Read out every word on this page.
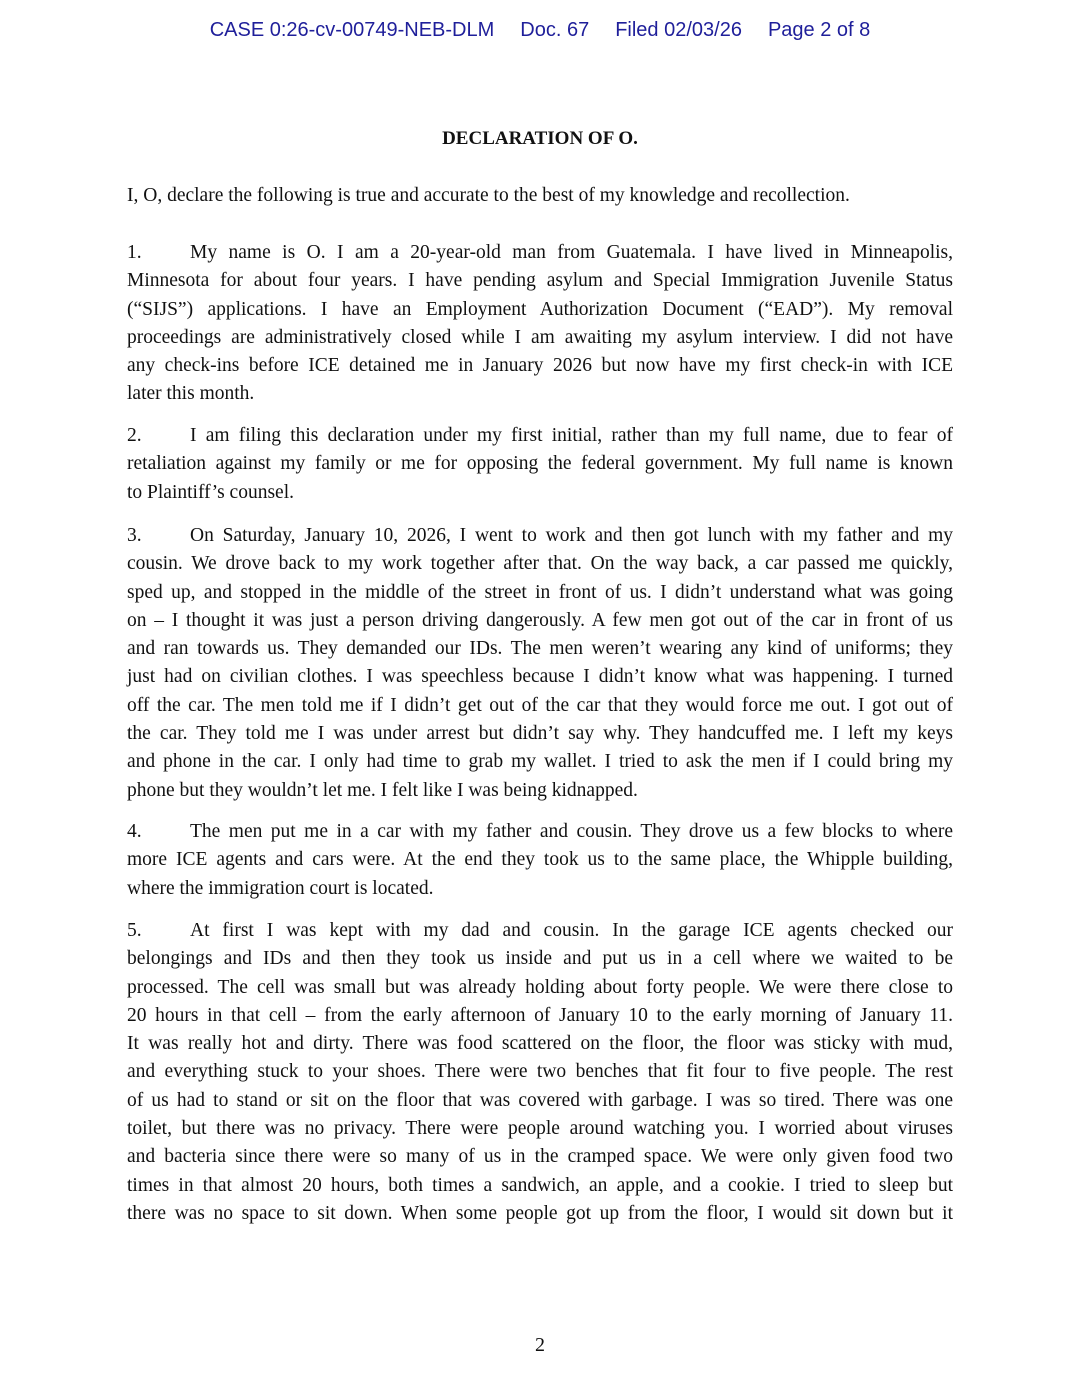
CASE 0:26-cv-00749-NEB-DLM Doc. 67 Filed 02/03/26 Page 2 of 8
DECLARATION OF O.
I, O, declare the following is true and accurate to the best of my knowledge and recollection.
1. My name is O. I am a 20-year-old man from Guatemala. I have lived in Minneapolis,
Minnesota for about four years. I have pending asylum and Special Immigration Juvenile Status
(“SIJS”) applications. I have an Employment Authorization Document (“EAD”). My removal
proceedings are administratively closed while I am awaiting my asylum interview. I did not have
any check-ins before ICE detained me in January 2026 but now have my first check-in with ICE
later this month.
2. I am filing this declaration under my first initial, rather than my full name, due to fear of
retaliation against my family or me for opposing the federal government. My full name is known
to Plaintiff’s counsel.
3. On Saturday, January 10, 2026, I went to work and then got lunch with my father and my
cousin. We drove back to my work together after that. On the way back, a car passed me quickly,
sped up, and stopped in the middle of the street in front of us. I didn’t understand what was going
on – I thought it was just a person driving dangerously. A few men got out of the car in front of us
and ran towards us. They demanded our IDs. The men weren’t wearing any kind of uniforms; they
just had on civilian clothes. I was speechless because I didn’t know what was happening. I turned
off the car. The men told me if I didn’t get out of the car that they would force me out. I got out of
the car. They told me I was under arrest but didn’t say why. They handcuffed me. I left my keys
and phone in the car. I only had time to grab my wallet. I tried to ask the men if I could bring my
phone but they wouldn’t let me. I felt like I was being kidnapped.
4. The men put me in a car with my father and cousin. They drove us a few blocks to where
more ICE agents and cars were. At the end they took us to the same place, the Whipple building,
where the immigration court is located.
5. At first I was kept with my dad and cousin. In the garage ICE agents checked our
belongings and IDs and then they took us inside and put us in a cell where we waited to be
processed. The cell was small but was already holding about forty people. We were there close to
20 hours in that cell – from the early afternoon of January 10 to the early morning of January 11.
It was really hot and dirty. There was food scattered on the floor, the floor was sticky with mud,
and everything stuck to your shoes. There were two benches that fit four to five people. The rest
of us had to stand or sit on the floor that was covered with garbage. I was so tired. There was one
toilet, but there was no privacy. There were people around watching you. I worried about viruses
and bacteria since there were so many of us in the cramped space. We were only given food two
times in that almost 20 hours, both times a sandwich, an apple, and a cookie. I tried to sleep but
there was no space to sit down. When some people got up from the floor, I would sit down but it
2
